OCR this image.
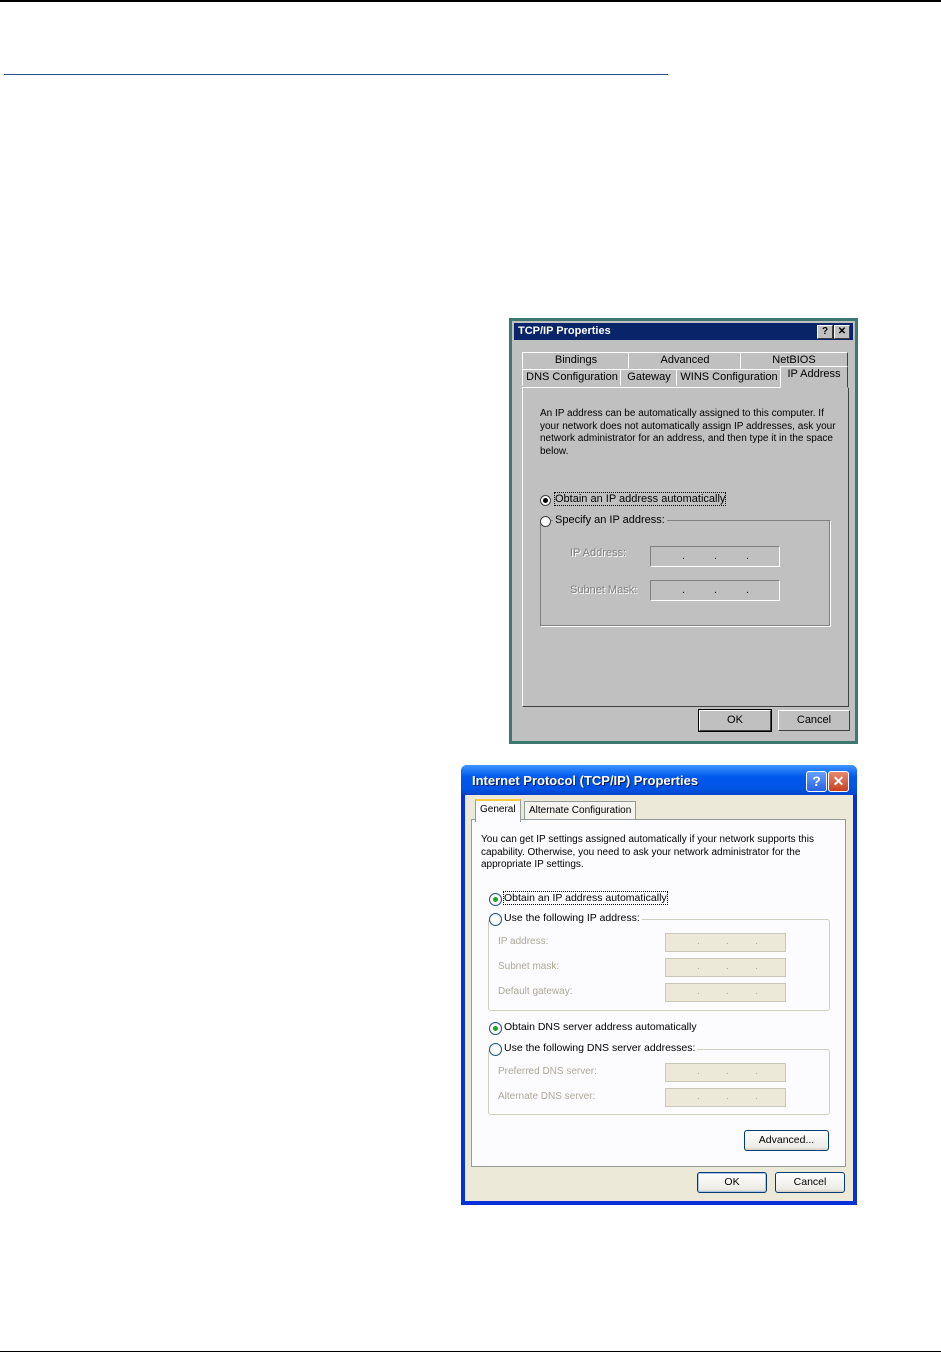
TCP/IP Properties	? ✕
Bindings	Advanced	NetBIOS
DNS Configuration Gateway WINS Configuration IP Address
An IP address can be automatically assigned to this computer. If your network does not automatically assign IP addresses, ask your network administrator for an address, and then type it in the space below.
Obtain an IP address automatically
IP Address:	.	.	.
Subnet Mask:	.	.	.
Specify an IP address:
OK	Cancel
Internet Protocol (TCP/IP) Properties	? ✕
General	Alternate Configuration
You can get IP settings assigned automatically if your network supports this capability. Otherwise, you need to ask your network administrator for the appropriate IP settings.
Obtain an IP address automatically
IP address:	.	.	.
Subnet mask:	.	.	.
Default gateway:	.	.	.
Use the following IP address:
Obtain DNS server address automatically
Preferred DNS server:	.	.	.
Alternate DNS server:	.	.	.
Use the following DNS server addresses:
Advanced...
OK	Cancel
